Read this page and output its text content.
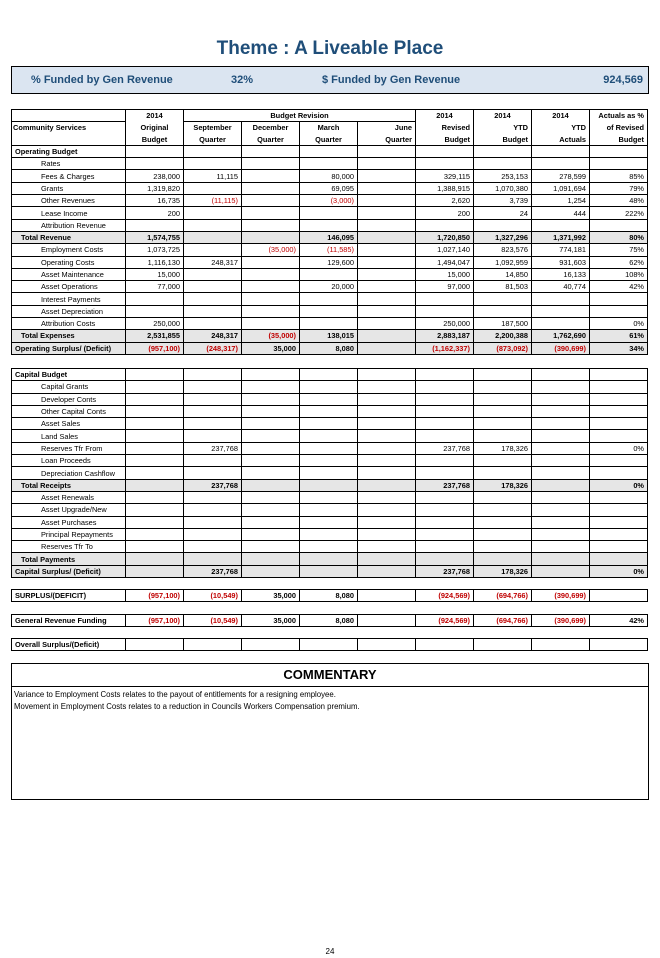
Theme : A Liveable Place
% Funded by Gen Revenue	32%	$ Funded by Gen Revenue	924,569
	2014	Budget Revision				2014	2014	2014	Actuals as %
Community Services	Original	September	December	March	June	Revised	YTD	YTD	of Revised
	Budget	Quarter	Quarter	Quarter	Quarter	Budget	Budget	Actuals	Budget
Operating Budget									
Rates									
Fees & Charges	238,000	11,115		80,000		329,115	253,153	278,599	85%
Grants	1,319,820			69,095		1,388,915	1,070,380	1,091,694	79%
Other Revenues	16,735	(11,115)		(3,000)		2,620	3,739	1,254	48%
Lease Income	200					200	24	444	222%
Attribution Revenue									
Total Revenue	1,574,755			146,095		1,720,850	1,327,296	1,371,992	80%
Employment Costs	1,073,725		(35,000)	(11,585)		1,027,140	823,576	774,181	75%
Operating Costs	1,116,130	248,317		129,600		1,494,047	1,092,959	931,603	62%
Asset Maintenance	15,000					15,000	14,850	16,133	108%
Asset Operations	77,000			20,000		97,000	81,503	40,774	42%
Interest Payments									
Asset Depreciation									
Attribution Costs	250,000					250,000	187,500		0%
Total Expenses	2,531,855	248,317	(35,000)	138,015		2,883,187	2,200,388	1,762,690	61%
Operating Surplus/ (Deficit)	(957,100)	(248,317)	35,000	8,080		(1,162,337)	(873,092)	(390,699)	34%
Capital Budget									
Capital Grants									
Developer Conts									
Other Capital Conts									
Asset Sales									
Land Sales									
Reserves Tfr From		237,768				237,768	178,326		0%
Loan Proceeds									
Depreciation Cashflow									
Total Receipts		237,768				237,768	178,326		0%
Asset Renewals									
Asset Upgrade/New									
Asset Purchases									
Principal Repayments									
Reserves Tfr To									
Total Payments									
Capital Surplus/ (Deficit)		237,768				237,768	178,326		0%
SURPLUS/(DEFICIT)	(957,100)	(10,549)	35,000	8,080		(924,569)	(694,766)	(390,699)	
General Revenue Funding	(957,100)	(10,549)	35,000	8,080		(924,569)	(694,766)	(390,699)	42%
Overall Surplus/(Deficit)									
COMMENTARY
Variance to Employment Costs relates to the payout of entitlements for a resigning employee.
Movement in Employment Costs relates to a reduction in Councils Workers Compensation premium.
24
